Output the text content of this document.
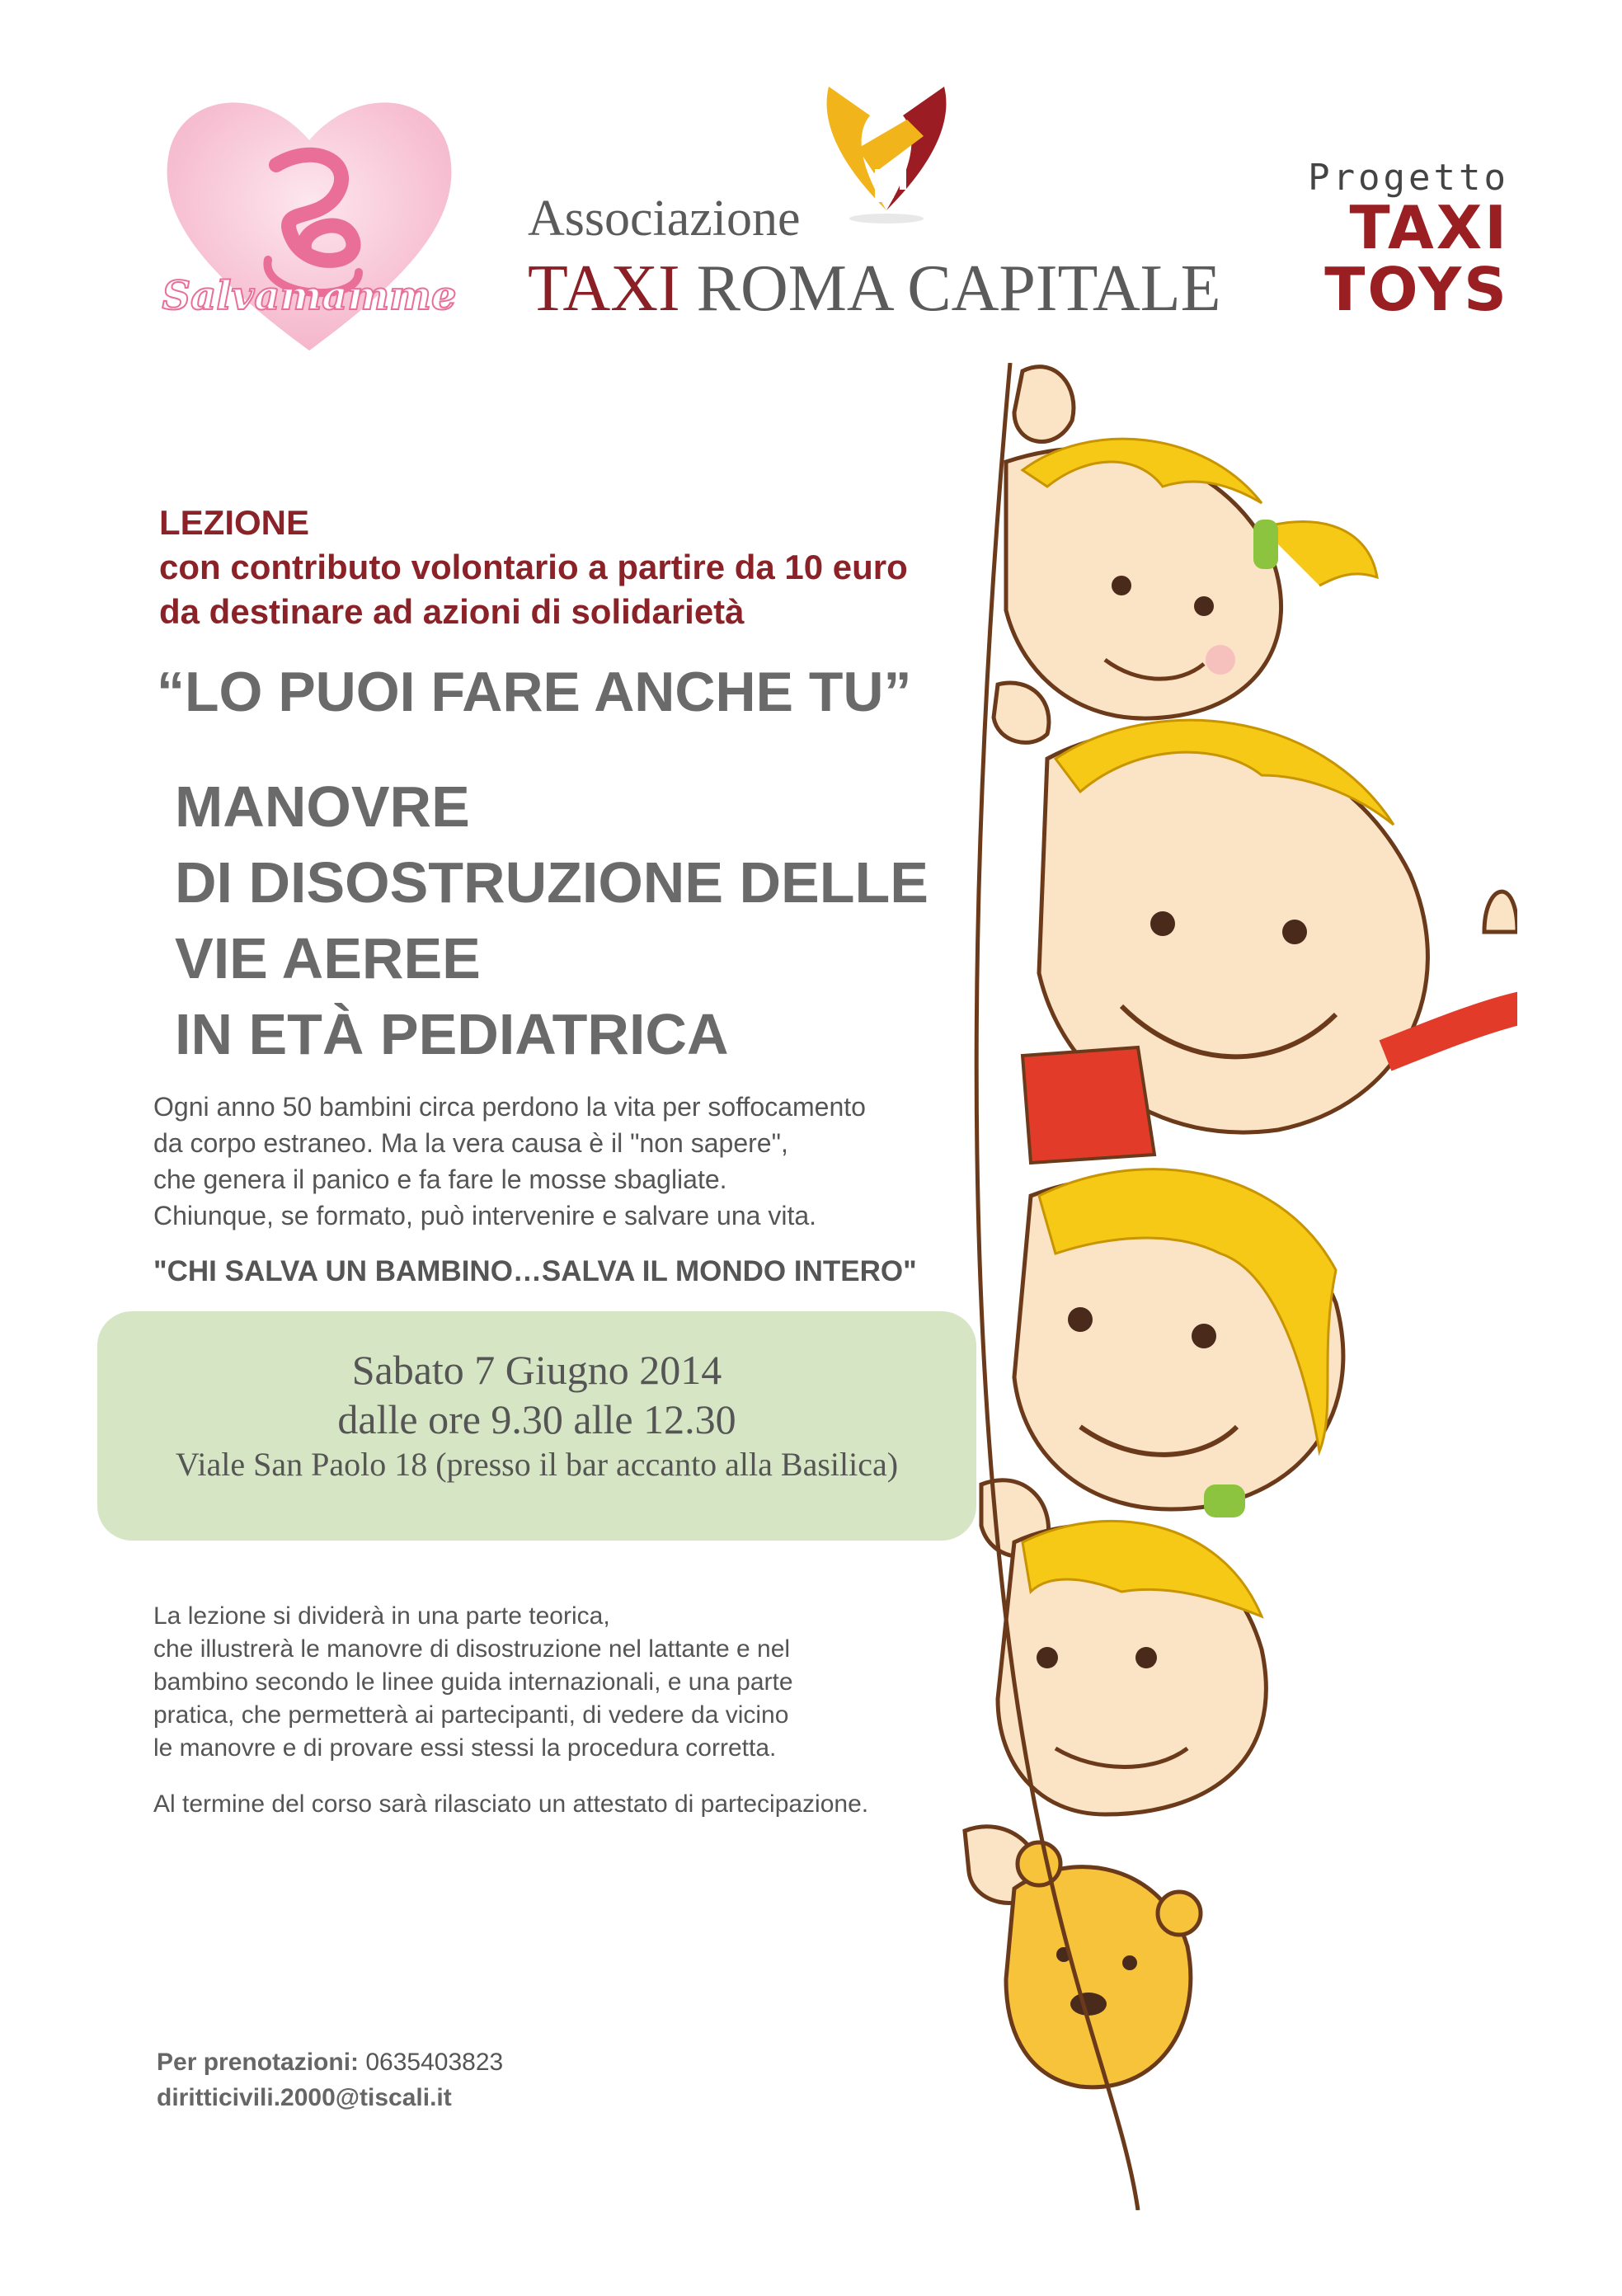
Salvamamme
Associazione
TAXI ROMA CAPITALE
Progetto
TAXI
TOYS
LEZIONE
con contributo volontario a partire da 10 euro
da destinare ad azioni di solidarietà
“LO PUOI FARE ANCHE TU”
MANOVRE
DI DISOSTRUZIONE DELLE
VIE AEREE
IN ETÀ PEDIATRICA
Ogni anno 50 bambini circa perdono la vita per soffocamento
da corpo estraneo. Ma la vera causa è il "non sapere",
che genera il panico e fa fare le mosse sbagliate.
Chiunque, se formato, può intervenire e salvare una vita.
"CHI SALVA UN BAMBINO…SALVA IL MONDO INTERO"
Sabato 7 Giugno 2014
dalle ore 9.30 alle 12.30
Viale San Paolo 18 (presso il bar accanto alla Basilica)
La lezione si dividerà in una parte teorica,
che illustrerà le manovre di disostruzione nel lattante e nel
bambino secondo le linee guida internazionali, e una parte
pratica, che permetterà ai partecipanti, di vedere da vicino
le manovre e di provare essi stessi la procedura corretta.
Al termine del corso sarà rilasciato un attestato di partecipazione.
Per prenotazioni: 0635403823
diritticivili.2000@tiscali.it
